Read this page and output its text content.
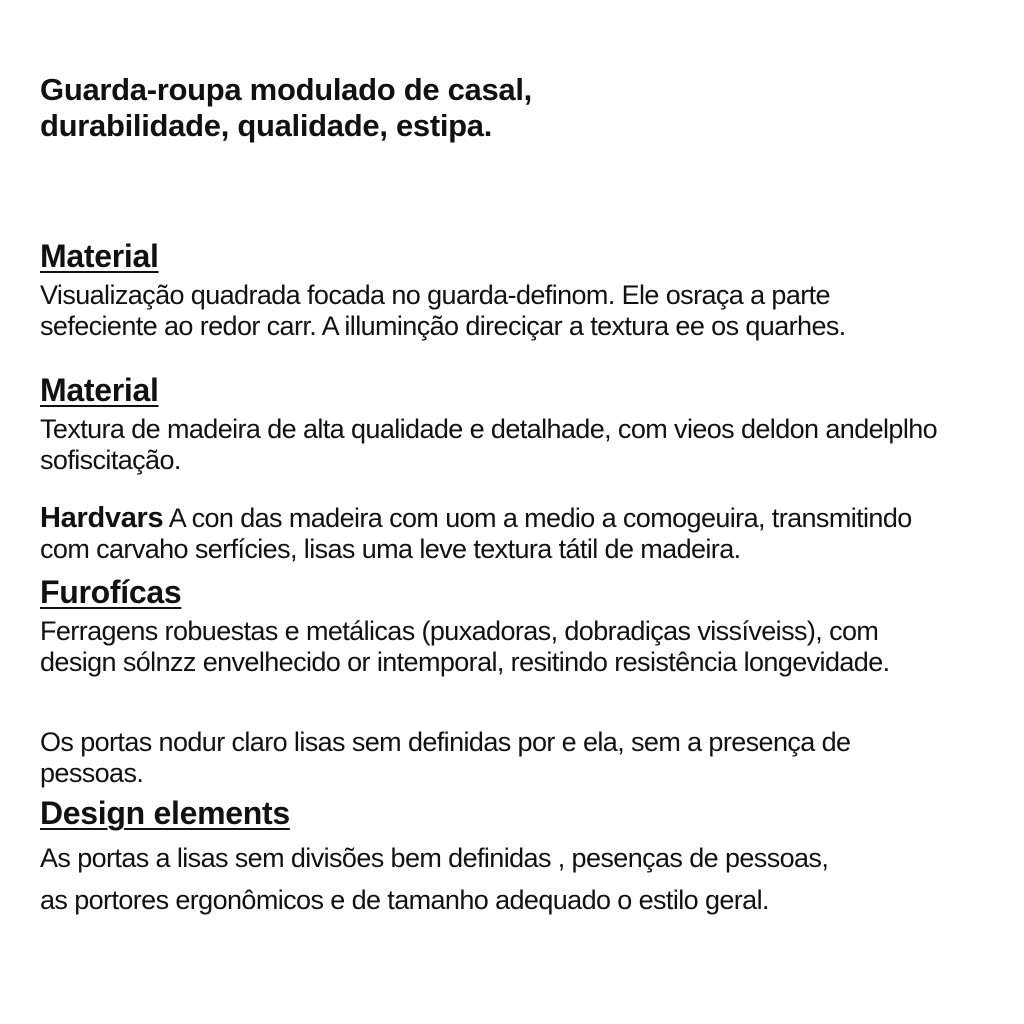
Guarda-roupa modulado de casal,
durabilidade, qualidade, estipa.
Material
Visualização quadrada focada no guarda-definom. Ele osraça a parte
sefeciente ao redor carr. A illuminção direciçar a textura ee os quarhes.
Material
Textura de madeira de alta qualidade e detalhade, com vieos deldon andelplho
sofiscitação.
Hardvars A con das madeira com uom a medio a comogeuira, transmitindo
com carvaho serfícies, lisas uma leve textura tátil de madeira.
Furofícas
Ferragens robuestas e metálicas (puxadoras, dobradiças vissíveiss), com
design sólnzz envelhecido or intemporal, resitindo resistência longevidade.
Os portas nodur claro lisas sem definidas por e ela, sem a presença de
pessoas.
Design elements
As portas a lisas sem divisões bem definidas , pesenças de pessoas,
as portores ergonômicos e de tamanho adequado o estilo geral.
